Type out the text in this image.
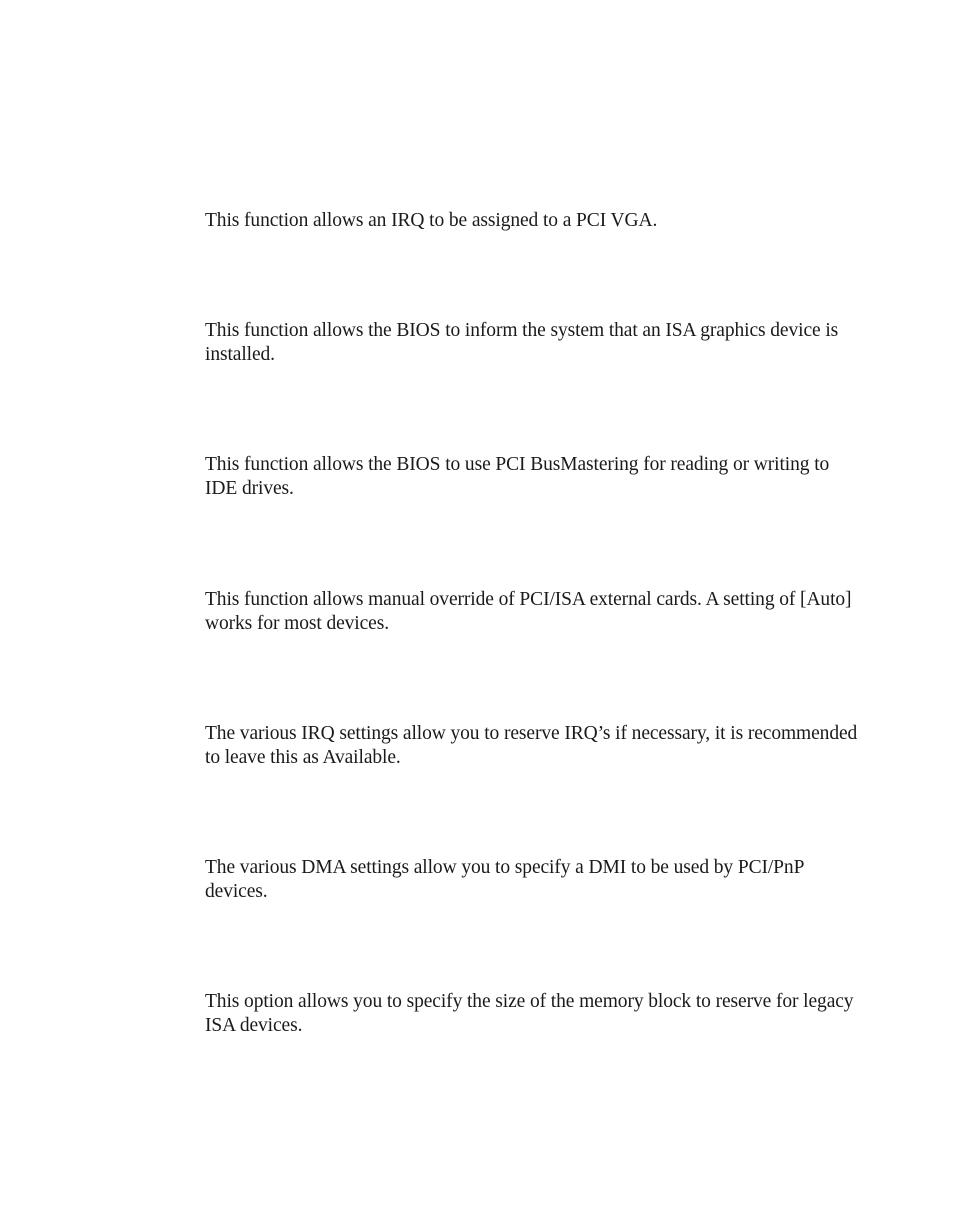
This function allows an IRQ to be assigned to a PCI VGA.

This function allows the BIOS to inform the system that an ISA graphics device is installed.

This function allows the BIOS to use PCI BusMastering for reading or writing to IDE drives.

This function allows manual override of PCI/ISA external cards. A setting of [Auto] works for most devices.

The various IRQ settings allow you to reserve IRQ’s if necessary, it is recommended to leave this as Available.

The various DMA settings allow you to specify a DMI to be used by PCI/PnP devices.

This option allows you to specify the size of the memory block to reserve for legacy ISA devices.
